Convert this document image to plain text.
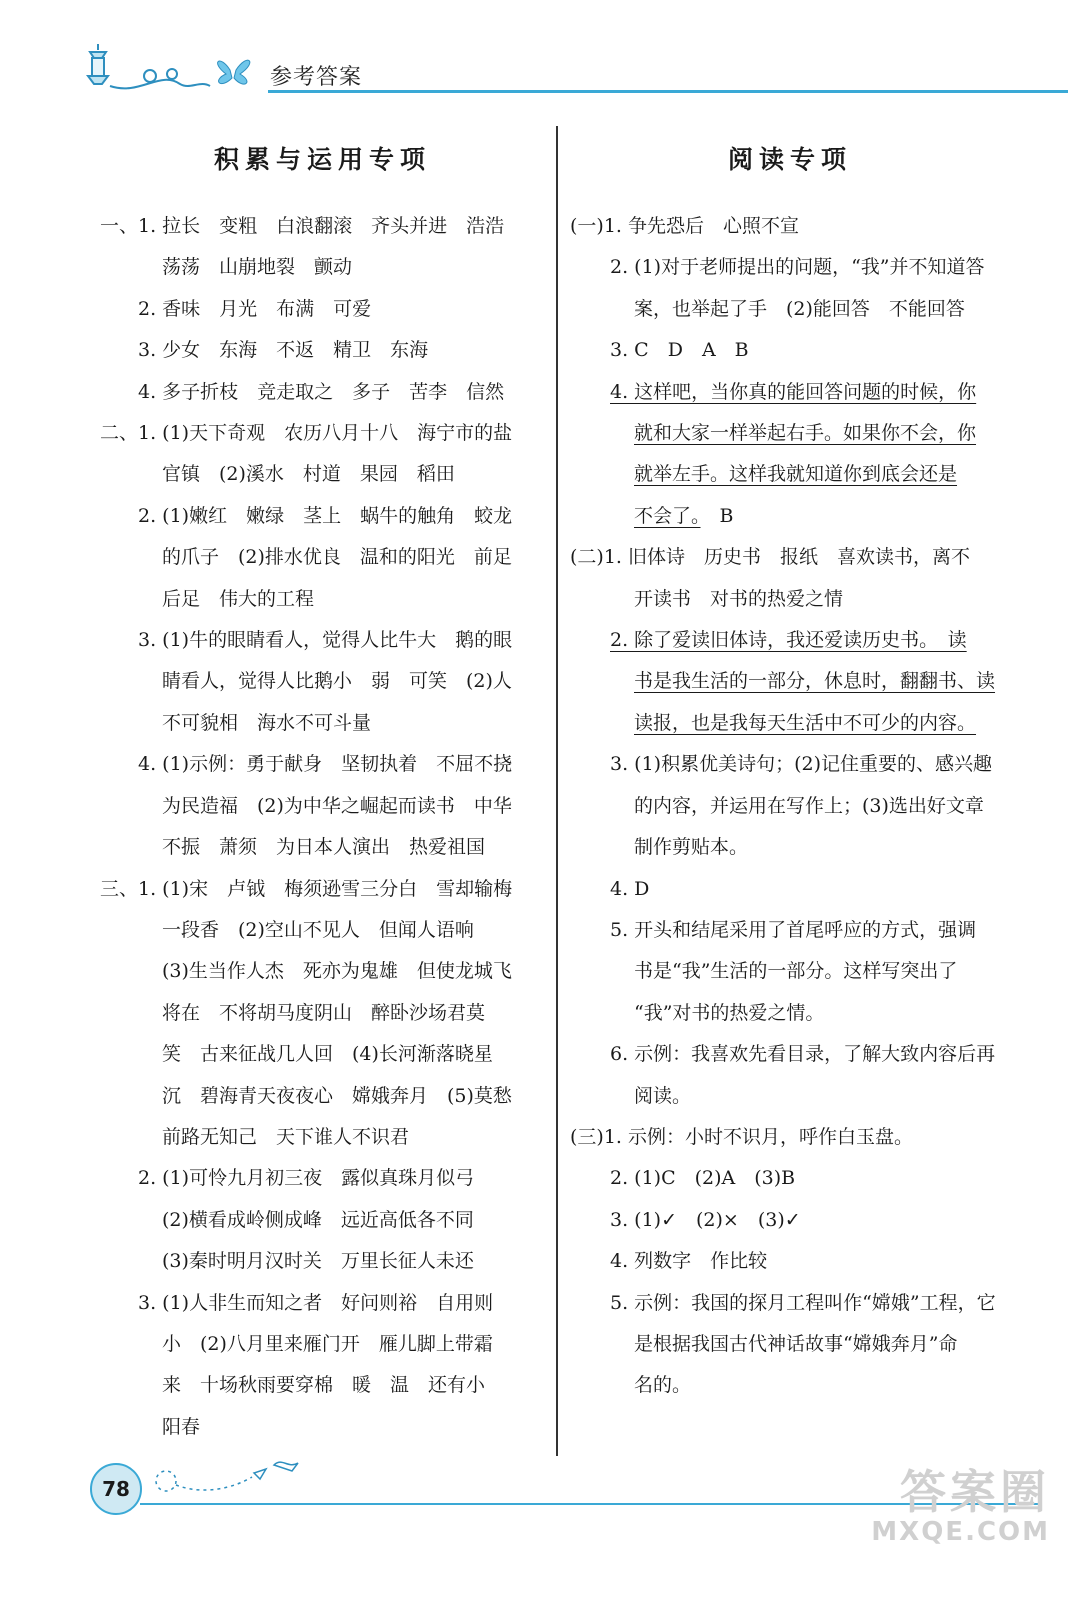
参考答案
积累与运用专项
一、1. 拉长　变粗　白浪翻滚　齐头并进　浩浩
荡荡　山崩地裂　颤动
2. 香味　月光　布满　可爱
3. 少女　东海　不返　精卫　东海
4. 多子折枝　竞走取之　多子　苦李　信然
二、1. (1)天下奇观　农历八月十八　海宁市的盐
官镇　(2)溪水　村道　果园　稻田
2. (1)嫩红　嫩绿　茎上　蜗牛的触角　蛟龙
的爪子　(2)排水优良　温和的阳光　前足
后足　伟大的工程
3. (1)牛的眼睛看人，觉得人比牛大　鹅的眼
睛看人，觉得人比鹅小　弱　可笑　(2)人
不可貌相　海水不可斗量
4. (1)示例：勇于献身　坚韧执着　不屈不挠
为民造福　(2)为中华之崛起而读书　中华
不振　萧须　为日本人演出　热爱祖国
三、1. (1)宋　卢钺　梅须逊雪三分白　雪却输梅
一段香　(2)空山不见人　但闻人语响
(3)生当作人杰　死亦为鬼雄　但使龙城飞
将在　不将胡马度阴山　醉卧沙场君莫
笑　古来征战几人回　(4)长河渐落晓星
沉　碧海青天夜夜心　嫦娥奔月　(5)莫愁
前路无知己　天下谁人不识君
2. (1)可怜九月初三夜　露似真珠月似弓
(2)横看成岭侧成峰　远近高低各不同
(3)秦时明月汉时关　万里长征人未还
3. (1)人非生而知之者　好问则裕　自用则
小　(2)八月里来雁门开　雁儿脚上带霜
来　十场秋雨要穿棉　暖　温　还有小
阳春
阅读专项
(一)1. 争先恐后　心照不宣
2. (1)对于老师提出的问题，“我”并不知道答
案，也举起了手　(2)能回答　不能回答
3. C　D　A　B
4. 这样吧，当你真的能回答问题的时候，你
就和大家一样举起右手。如果你不会，你
就举左手。这样我就知道你到底会还是
不会了。　B
(二)1. 旧体诗　历史书　报纸　喜欢读书，离不
开读书　对书的热爱之情
2. 除了爱读旧体诗，我还爱读历史书。　读
书是我生活的一部分，休息时，翻翻书、读
读报，也是我每天生活中不可少的内容。
3. (1)积累优美诗句；(2)记住重要的、感兴趣
的内容，并运用在写作上；(3)选出好文章
制作剪贴本。
4. D
5. 开头和结尾采用了首尾呼应的方式，强调
书是“我”生活的一部分。这样写突出了
“我”对书的热爱之情。
6. 示例：我喜欢先看目录，了解大致内容后再
阅读。
(三)1. 示例：小时不识月，呼作白玉盘。
2. (1)C　(2)A　(3)B
3. (1)✓　(2)×　(3)✓
4. 列数字　作比较
5. 示例：我国的探月工程叫作“嫦娥”工程，它
是根据我国古代神话故事“嫦娥奔月”命
名的。
78	答案圈
MXQE.COM
